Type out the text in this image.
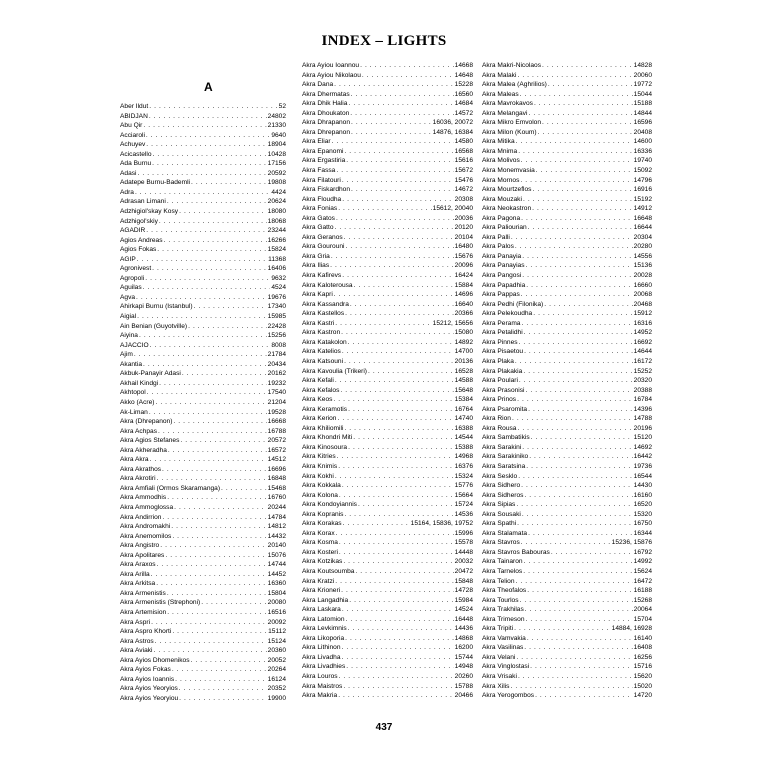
INDEX – LIGHTS
A
Aber Ildut . . .	52
ABIDJAN . . .	24802
Abu Qir . . .	21330
Acciaroli . . .	9640
Achuyev . . .	18904
Acicastello . . .	10428
Ada Burnu . . .	17156
Adasi . . .	20592
Adatepe Burnu-Bademli . . .	19808
Adra . . .	4424
Adrasan Limani . . .	20624
Adzhigiol'skay Kosy . . .	18080
Adzhigol'skiy . . .	18068
AGADIR . . .	23244
Agios Andreas . . .	16266
Agios Fokas . . .	15824
AGIP . . .	11368
Agronivest . . .	16406
Agropoli . . .	9632
Aguilas . . .	4524
Agva . . .	19676
Ahirkapi Burnu (Istanbul) . . .	17340
Aigial . . .	15985
Ain Benian (Guyotville) . . .	22428
Aiyina . . .	15256
AJACCIO . . .	8008
Ajim . . .	21784
Akantia . . .	20434
Akbuk-Panayir Adasi . . .	20162
Akhail Kindgi . . .	19232
Akhtopol . . .	17540
Akko (Acre) . . .	21204
Ak-Liman . . .	19528
Akra (Dhrepanon) . . .	16668
Akra Achpas . . .	16788
Akra Agios Stefanes . . .	20572
Akra Akheradha . . .	16572
Akra Akra . . .	14512
Akra Akrathos . . .	16696
Akra Akrotiri . . .	16848
Akra Amfiali (Ormos Skaramanga) . . .	15468
Akra Ammodhis . . .	16760
Akra Ammoglossa . . .	20244
Akra Andirrion . . .	14784
Akra Andromakhi . . .	14812
Akra Anemomilos . . .	14432
Akra Angistro . . .	20140
Akra Apolitares . . .	15076
Akra Araxos . . .	14744
Akra Arilla . . .	14452
Akra Arkitsa . . .	16360
Akra Armenistis . . .	15804
Akra Armenistis (Strephoni) . . .	20080
Akra Artemision . . .	16516
Akra Aspri . . .	20092
Akra Aspro Khorti . . .	15112
Akra Astros . . .	15124
Akra Aviaki . . .	20360
Akra Ayios Dhomenikos . . .	20052
Akra Ayios Fokas . . .	20264
Akra Ayios Ioannis . . .	16124
Akra Ayios Yeoryios . . .	20352
Akra Ayios Yeoryiou . . .	19900
Akra Ayiou Ioannou . . .	14668
Akra Ayiou Nikolaou . . .	14648
Akra Dana . . .	15228
Akra Dhermatas . . .	16560
Akra Dhik Halia . . .	14684
Akra Dhoukaton . . .	14572
Akra Dhrapanon . . .	16036, 20072
Akra Dhrepanon . . .	14876, 16384
Akra Eliar . . .	14580
Akra Epanomi . . .	16568
Akra Ergastiria . . .	15616
Akra Fassa . . .	15672
Akra Filatouri . . .	15476
Akra Fiskardhon . . .	14672
Akra Floudha . . .	20308
Akra Fonias . . .	15612, 20040
Akra Gatos . . .	20036
Akra Gatto . . .	20120
Akra Geranos . . .	20104
Akra Gourouni . . .	16480
Akra Gria . . .	15676
Akra Ilias . . .	20096
Akra Kafirevs . . .	16424
Akra Kaloterousa . . .	15884
Akra Kapri . . .	14696
Akra Kassandra . . .	16640
Akra Kastellos . . .	20366
Akra Kastri . . .	15212, 15656
Akra Kastron . . .	15080
Akra Katakolon . . .	14892
Akra Katelios . . .	14700
Akra Katsouni . . .	20136
Akra Kavoulia (Trikeri) . . .	16528
Akra Kefali . . .	14588
Akra Kefalos . . .	15648
Akra Keos . . .	15384
Akra Keramotis . . .	16764
Akra Kerion . . .	14740
Akra Khiliomili . . .	16388
Akra Khondri Miti . . .	14544
Akra Kinosoura . . .	15388
Akra Kitries . . .	14968
Akra Knimis . . .	16376
Akra Kokhi . . .	15324
Akra Kokkala . . .	15776
Akra Kolona . . .	15664
Akra Kondoyiannis . . .	15724
Akra Kopranis . . .	14536
Akra Korakas . . .	15164, 15836, 19752
Akra Korax . . .	15996
Akra Kosma . . .	15578
Akra Kosteri . . .	14448
Akra Kotzikas . . .	20032
Akra Koutsoumba . . .	20472
Akra Kratzi . . .	15848
Akra Krioneri . . .	14728
Akra Langadhia . . .	15984
Akra Laskara . . .	14524
Akra Latomion . . .	16448
Akra Levkimnis . . .	14436
Akra Likoporia . . .	14868
Akra Lithinon . . .	16200
Akra Livadha . . .	15744
Akra Livadhies . . .	14948
Akra Louros . . .	20260
Akra Maistros . . .	15788
Akra Makria . . .	20466
Akra Makri-Nicolaos . . .	14828
Akra Malaki . . .	20060
Akra Malea (Aghrilios) . . .	19772
Akra Maleas . . .	15044
Akra Mavrokavos . . .	15188
Akra Melangavi . . .	14844
Akra Mikro Emvolon . . .	16596
Akra Milon (Koum) . . .	20408
Akra Mitika . . .	14600
Akra Mnima . . .	16336
Akra Molivos . . .	19740
Akra Monemvasia . . .	15092
Akra Mornos . . .	14796
Akra Mourtzeflos . . .	16916
Akra Mouzaki . . .	15192
Akra Neokastron . . .	14912
Akra Pagona . . .	16648
Akra Paliourian . . .	16644
Akra Palli . . .	20304
Akra Palos . . .	20280
Akra Panayia . . .	14556
Akra Panayias . . .	15136
Akra Pangosi . . .	20028
Akra Papadhia . . .	16660
Akra Pappas . . .	20068
Akra Pedhi (Filonika) . . .	20468
Akra Pelekoudha . . .	15912
Akra Perama . . .	16316
Akra Petalidhi . . .	14952
Akra Pinnes . . .	16692
Akra Pisaetou . . .	14644
Akra Plaka . . .	16172
Akra Plakakia . . .	15252
Akra Poulari . . .	20320
Akra Prasonisi . . .	20388
Akra Prinos . . .	16784
Akra Psaromita . . .	14396
Akra Rion . . .	14788
Akra Rousa . . .	20196
Akra Sambatikis . . .	15120
Akra Sarakini . . .	14692
Akra Sarakiniko . . .	16442
Akra Saratsina . . .	19736
Akra Sesklo . . .	16544
Akra Sidhero . . .	14430
Akra Sidheros . . .	16160
Akra Sipias . . .	16520
Akra Sousaki . . .	15320
Akra Spathi . . .	16750
Akra Stalamata . . .	16344
Akra Stavros . . .	15236, 15876
Akra Stavros Babouras . . .	16792
Akra Tainaron . . .	14992
Akra Tarnelos . . .	15624
Akra Telion . . .	16472
Akra Theofalos . . .	16188
Akra Tourlos . . .	15268
Akra Trakhilas . . .	20064
Akra Trimeson . . .	15704
Akra Tripiti . . .	14884, 16928
Akra Vamvakia . . .	16140
Akra Vasilinas . . .	16408
Akra Velani . . .	16256
Akra Vinglostasi . . .	15716
Akra Vrisaki . . .	15620
Akra Xilis . . .	15020
Akra Yerogombos . . .	14720
437
